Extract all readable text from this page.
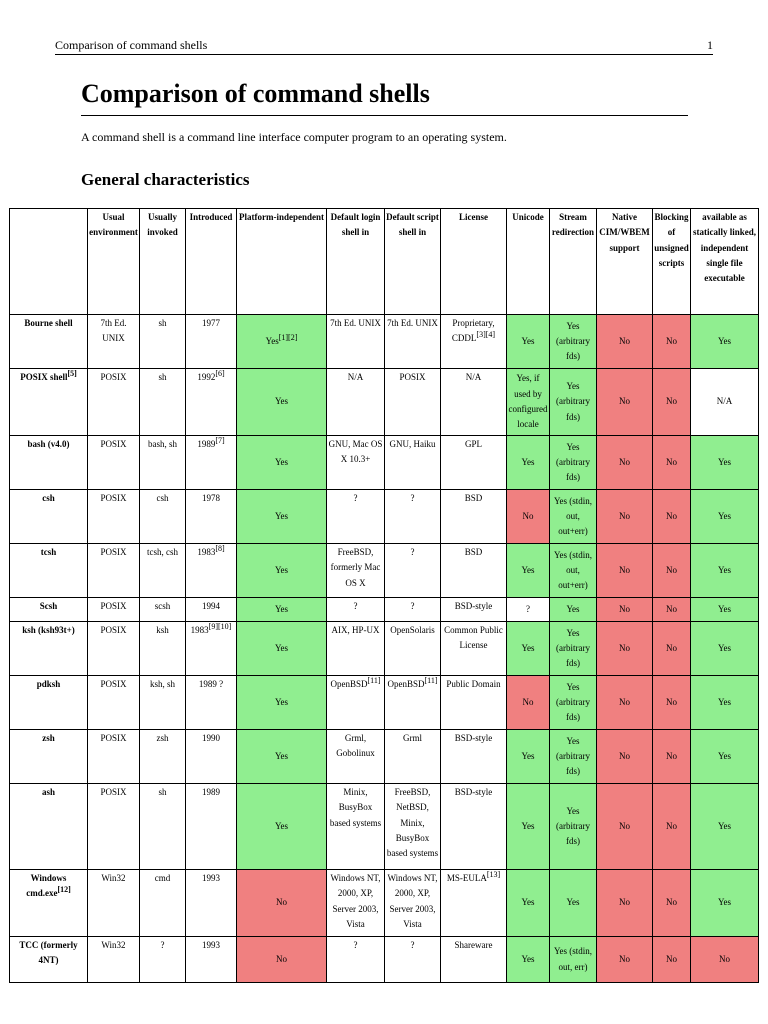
Comparison of command shells	1
Comparison of command shells
A command shell is a command line interface computer program to an operating system.
General characteristics
	Usual environment	Usually invoked	Introduced	Platform-independent	Default login shell in	Default script shell in	License	Unicode	Stream redirection	Native CIM/WBEM support	Blocking of unsigned scripts	available as statically linked, independent single file executable
Bourne shell	7th Ed. UNIX	sh	1977	Yes[1][2]	7th Ed. UNIX	7th Ed. UNIX	Proprietary, CDDL[3][4]	Yes	Yes (arbitrary fds)	No	No	Yes
POSIX shell[5]	POSIX	sh	1992[6]	Yes	N/A	POSIX	N/A	Yes, if used by configured locale	Yes (arbitrary fds)	No	No	N/A
bash (v4.0)	POSIX	bash, sh	1989[7]	Yes	GNU, Mac OS X 10.3+	GNU, Haiku	GPL	Yes	Yes (arbitrary fds)	No	No	Yes
csh	POSIX	csh	1978	Yes	?	?	BSD	No	Yes (stdin, out, out+err)	No	No	Yes
tcsh	POSIX	tcsh, csh	1983[8]	Yes	FreeBSD, formerly Mac OS X	?	BSD	Yes	Yes (stdin, out, out+err)	No	No	Yes
Scsh	POSIX	scsh	1994	Yes	?	?	BSD-style	?	Yes	No	No	Yes
ksh (ksh93t+)	POSIX	ksh	1983[9][10]	Yes	AIX, HP-UX	OpenSolaris	Common Public License	Yes	Yes (arbitrary fds)	No	No	Yes
pdksh	POSIX	ksh, sh	1989 ?	Yes	OpenBSD[11]	OpenBSD[11]	Public Domain	No	Yes (arbitrary fds)	No	No	Yes
zsh	POSIX	zsh	1990	Yes	Grml, Gobolinux	Grml	BSD-style	Yes	Yes (arbitrary fds)	No	No	Yes
ash	POSIX	sh	1989	Yes	Minix, BusyBox based systems	FreeBSD, NetBSD, Minix, BusyBox based systems	BSD-style	Yes	Yes (arbitrary fds)	No	No	Yes
Windows cmd.exe[12]	Win32	cmd	1993	No	Windows NT, 2000, XP, Server 2003, Vista	Windows NT, 2000, XP, Server 2003, Vista	MS-EULA[13]	Yes	Yes	No	No	Yes
TCC (formerly 4NT)	Win32	?	1993	No	?	?	Shareware	Yes	Yes (stdin, out, err)	No	No	No
